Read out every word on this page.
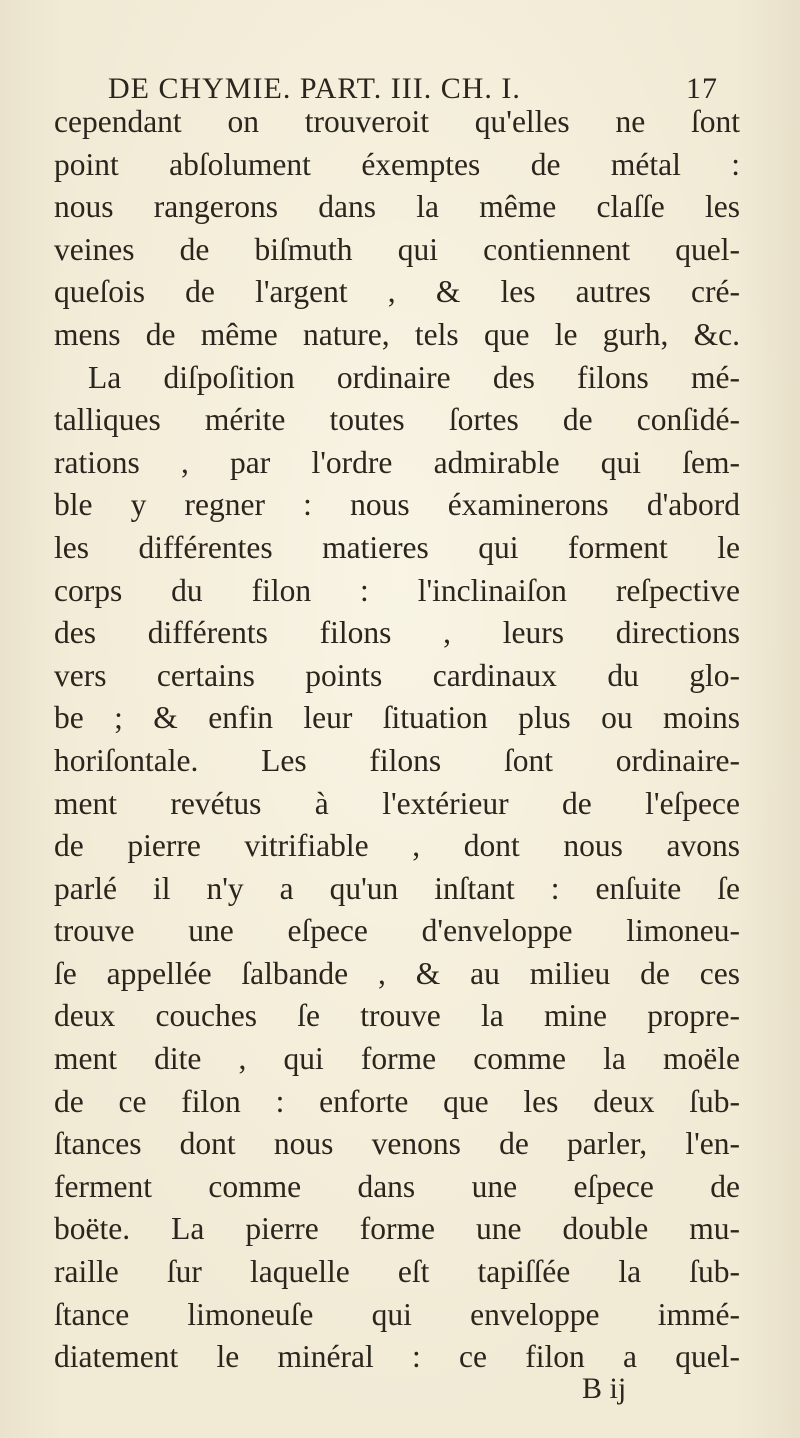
DE CHYMIE. PART. III. CH. I.	17
cependant on trouveroit qu'elles ne ſont
point abſolument éxemptes de métal :
nous rangerons dans la même claſſe les
veines de biſmuth qui contiennent quel-
queſois de l'argent , & les autres cré-
mens de même nature, tels que le gurh, &c.
La diſpoſition ordinaire des filons mé-
talliques mérite toutes ſortes de conſidé-
rations , par l'ordre admirable qui ſem-
ble y regner : nous éxaminerons d'abord
les différentes matieres qui forment le
corps du filon : l'inclinaiſon reſpective
des différents filons , leurs directions
vers certains points cardinaux du glo-
be ; & enfin leur ſituation plus ou moins
horiſontale. Les filons ſont ordinaire-
ment revétus à l'extérieur de l'eſpece
de pierre vitrifiable , dont nous avons
parlé il n'y a qu'un inſtant : enſuite ſe
trouve une eſpece d'enveloppe limoneu-
ſe appellée ſalbande , & au milieu de ces
deux couches ſe trouve la mine propre-
ment dite , qui forme comme la moële
de ce filon : enforte que les deux ſub-
ſtances dont nous venons de parler, l'en-
ferment comme dans une eſpece de
boëte. La pierre forme une double mu-
raille ſur laquelle eſt tapiſſée la ſub-
ſtance limoneuſe qui enveloppe immé-
diatement le minéral : ce filon a quel-
B ij
